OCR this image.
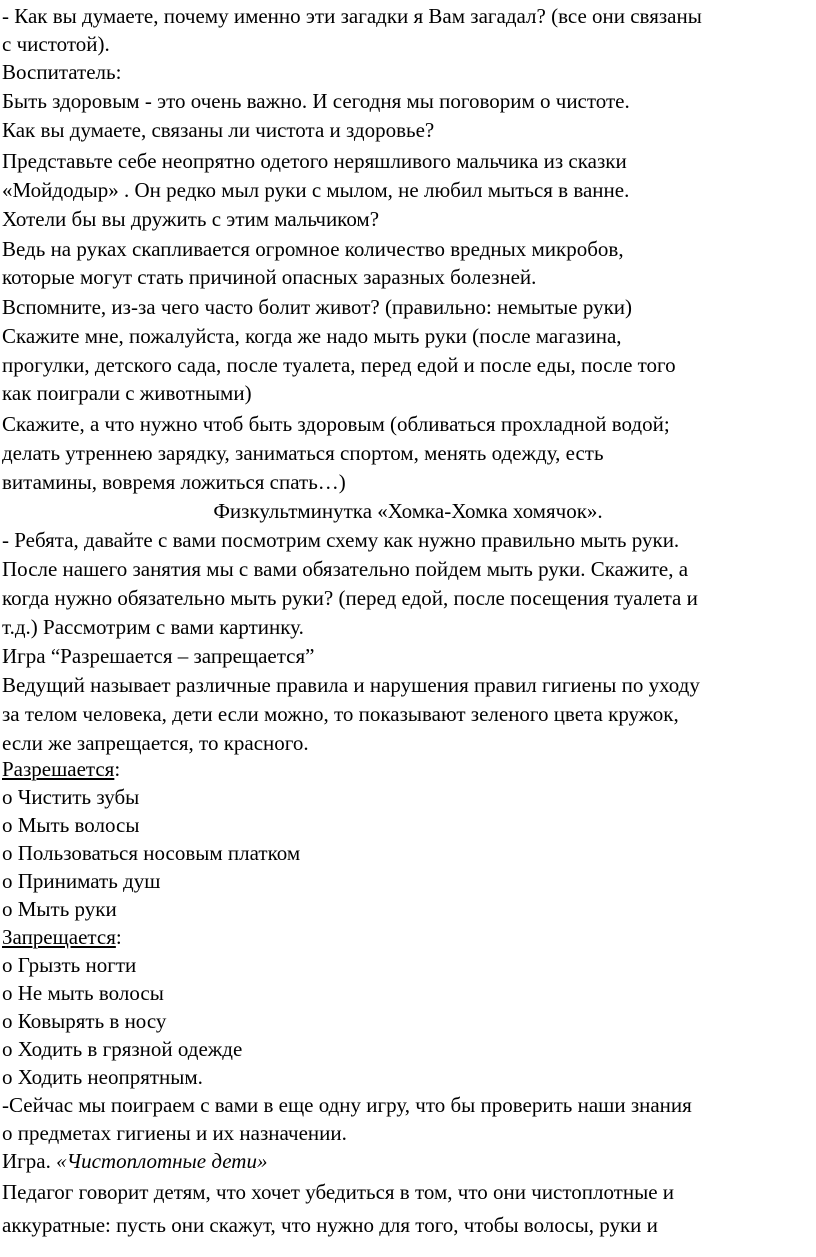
- Как вы думаете, почему именно эти загадки я Вам загадал? (все они связаны

с чистотой).

Воспитатель:

Быть здоровым - это очень важно. И сегодня мы поговорим о чистоте.

Как вы думаете, связаны ли чистота и здоровье?

Представьте себе неопрятно одетого неряшливого мальчика из сказки

«Мойдодыр» . Он редко мыл руки с мылом, не любил мыться в ванне.

Хотели бы вы дружить с этим мальчиком?

Ведь на руках скапливается огромное количество вредных микробов,

которые могут стать причиной опасных заразных болезней.

Вспомните, из-за чего часто болит живот? (правильно: немытые руки)

Скажите мне, пожалуйста, когда же надо мыть руки (после магазина,

прогулки, детского сада, после туалета, перед едой и после еды, после того

как поиграли с животными)

Скажите, а что нужно чтоб быть здоровым (обливаться прохладной водой;

делать утреннею зарядку, заниматься спортом, менять одежду, есть

витамины, вовремя ложиться спать…)

Физкультминутка «Хомка-Хомка хомячок».

- Ребята, давайте с вами посмотрим схему как нужно правильно мыть руки.

После нашего занятия мы с вами обязательно пойдем мыть руки. Скажите, а

когда нужно обязательно мыть руки? (перед едой, после посещения туалета и

т.д.) Рассмотрим с вами картинку.

Игра “Разрешается – запрещается”

Ведущий называет различные правила и нарушения правил гигиены по уходу

за телом человека, дети если можно, то показывают зеленого цвета кружок,

если же запрещается, то красного.

Разрешается:

o Чистить зубы

o Мыть волосы

o Пользоваться носовым платком

o Принимать душ

o Мыть руки

Запрещается:

o Грызть ногти

o Не мыть волосы

o Ковырять в носу

o Ходить в грязной одежде

o Ходить неопрятным.

-Сейчас мы поиграем с вами в еще одну игру, что бы проверить наши знания

о предметах гигиены и их назначении.

Игра. «Чистоплотные дети»

Педагог говорит детям, что хочет убедиться в том, что они чистоплотные и

аккуратные: пусть они скажут, что нужно для того, чтобы волосы, руки и
